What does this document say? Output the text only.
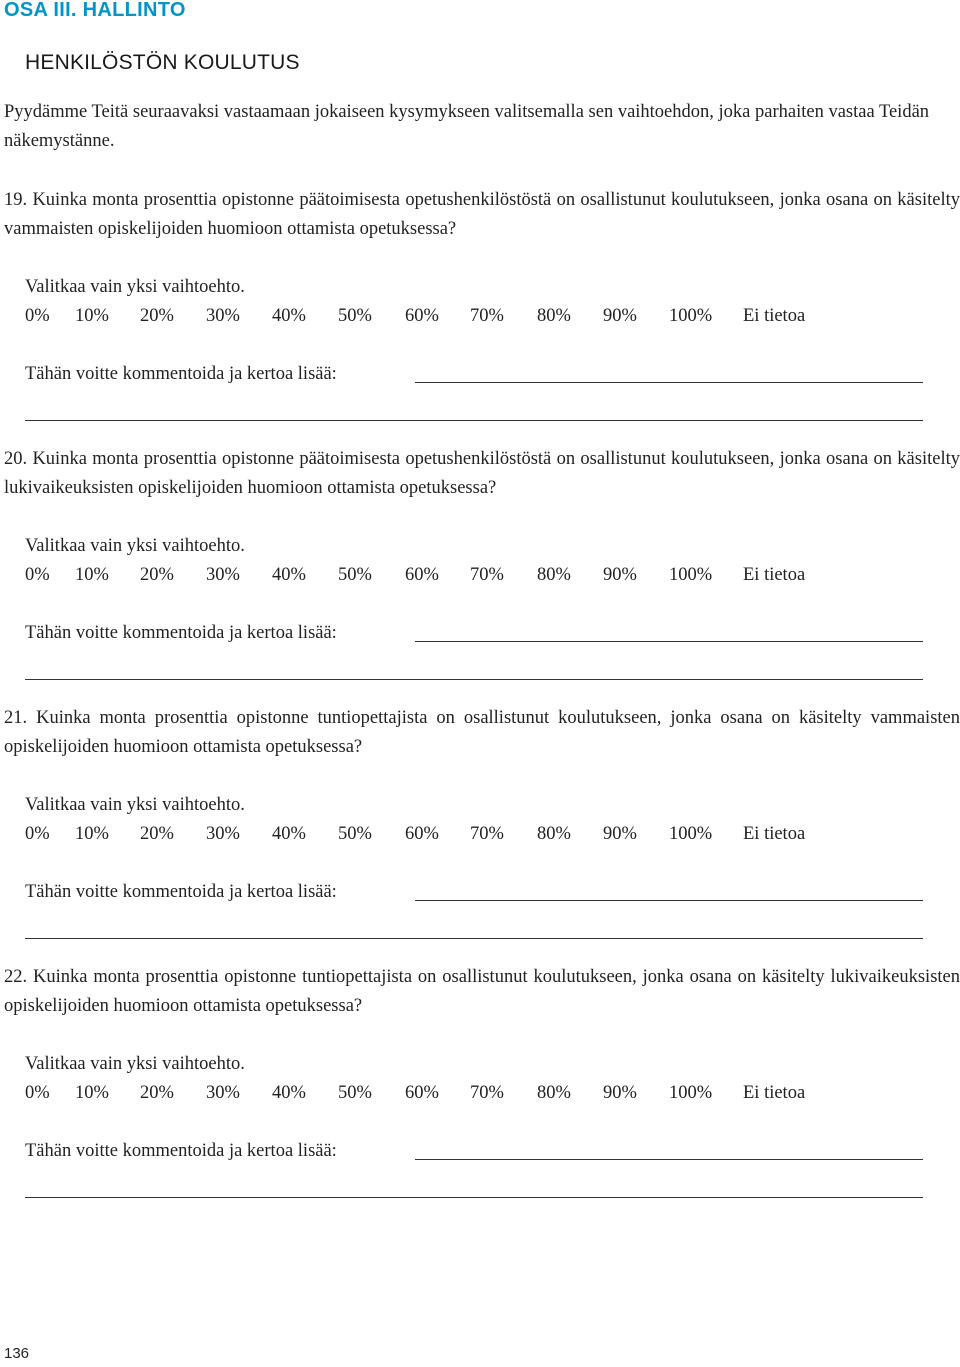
OSA III. HALLINTO
HENKILÖSTÖN KOULUTUS

Pyydämme Teitä seuraavaksi vastaamaan jokaiseen kysymykseen valitsemalla sen vaihtoehdon, joka parhaiten vastaa Teidän näkemystänne.

19. Kuinka monta prosenttia opistonne päätoimisesta opetushenkilöstöstä on osallistunut koulutukseen, jonka osana on käsitelty vammaisten opiskelijoiden huomioon ottamista opetuksessa?

Valitkaa vain yksi vaihtoehto.

0% 10% 20% 30% 40% 50% 60% 70% 80% 90% 100% Ei tietoa

Tähän voitte kommentoida ja kertoa lisää:

20. Kuinka monta prosenttia opistonne päätoimisesta opetushenkilöstöstä on osallistunut koulutukseen, jonka osana on käsitelty lukivaikeuksisten opiskelijoiden huomioon ottamista opetuksessa?

Valitkaa vain yksi vaihtoehto.

0% 10% 20% 30% 40% 50% 60% 70% 80% 90% 100% Ei tietoa

Tähän voitte kommentoida ja kertoa lisää:

21. Kuinka monta prosenttia opistonne tuntiopettajista on osallistunut koulutukseen, jonka osana on käsitelty vammaisten opiskelijoiden huomioon ottamista opetuksessa?

Valitkaa vain yksi vaihtoehto.

0% 10% 20% 30% 40% 50% 60% 70% 80% 90% 100% Ei tietoa

Tähän voitte kommentoida ja kertoa lisää:

22. Kuinka monta prosenttia opistonne tuntiopettajista on osallistunut koulutukseen, jonka osana on käsitelty lukivaikeuksisten opiskelijoiden huomioon ottamista opetuksessa?

Valitkaa vain yksi vaihtoehto.

0% 10% 20% 30% 40% 50% 60% 70% 80% 90% 100% Ei tietoa

Tähän voitte kommentoida ja kertoa lisää:

136
